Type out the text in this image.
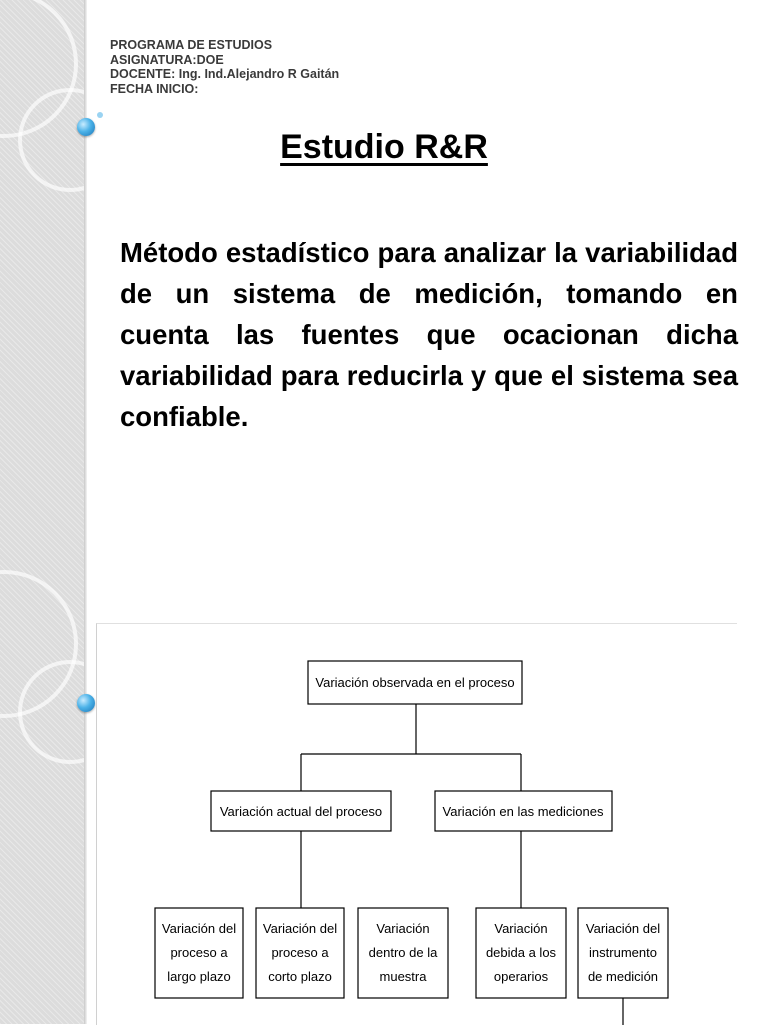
PROGRAMA DE ESTUDIOS
ASIGNATURA:DOE
DOCENTE: Ing. Ind.Alejandro R Gaitán
FECHA INICIO:
Estudio R&R
Método estadístico para analizar la variabilidad de un sistema de medición, tomando en cuenta las fuentes que ocacionan dicha variabilidad para reducirla y que el sistema sea confiable.
Variación observada en el proceso
Variación actual del proceso	Variación en las mediciones
Variación del
proceso a
largo plazo
Variación del
proceso a
corto plazo
Variación
dentro de la
muestra
Variación
debida a los
operarios
Variación del
instrumento
de medición
